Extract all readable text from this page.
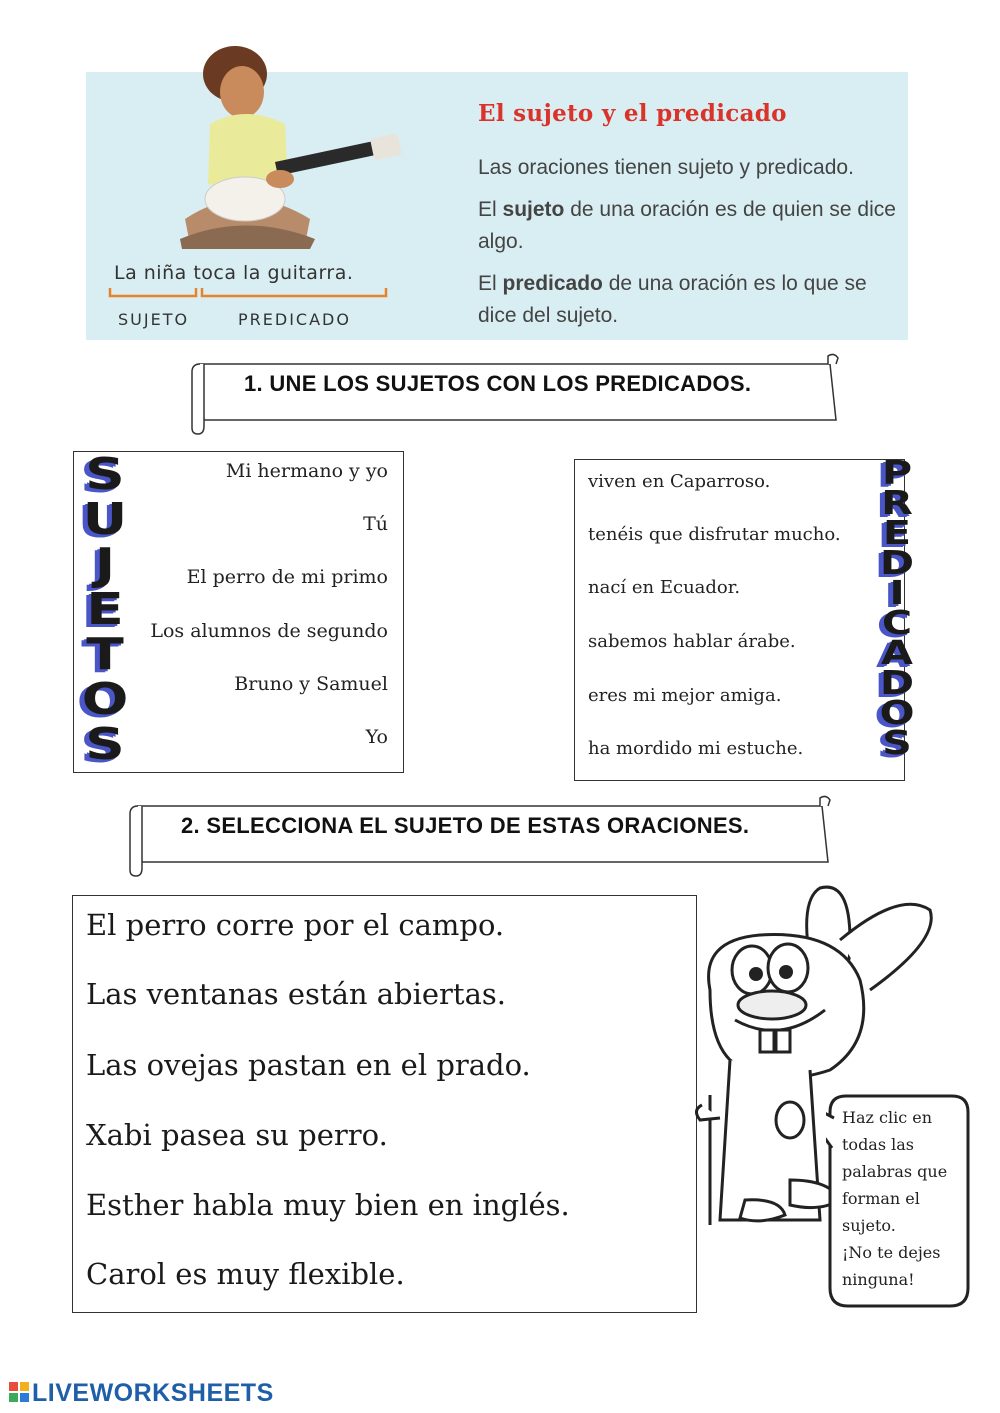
La niña toca la guitarra.
SUJETO	PREDICADO
El sujeto y el predicado
Las oraciones tienen sujeto y predicado.
El sujeto de una oración es de quien se dice algo.
El predicado de una oración es lo que se dice del sujeto.
1. UNE LOS SUJETOS CON LOS PREDICADOS.
S
U
J
E
T
O
S
Mi hermano y yo
Tú
El perro de mi primo
Los alumnos de segundo
Bruno y Samuel
Yo
P
R
E
D
I
C
A
D
O
S
viven en Caparroso.
tenéis que disfrutar mucho.
nací en Ecuador.
sabemos hablar árabe.
eres mi mejor amiga.
ha mordido mi estuche.
2. SELECCIONA EL SUJETO DE ESTAS ORACIONES.
El perro corre por el campo.
Las ventanas están abiertas.
Las ovejas pastan en el prado.
Xabi pasea su perro.
Esther habla muy bien en inglés.
Carol es muy flexible.
Haz clic en
todas las
palabras que
forman el
sujeto.
¡No te dejes
ninguna!
LIVEWORKSHEETS
